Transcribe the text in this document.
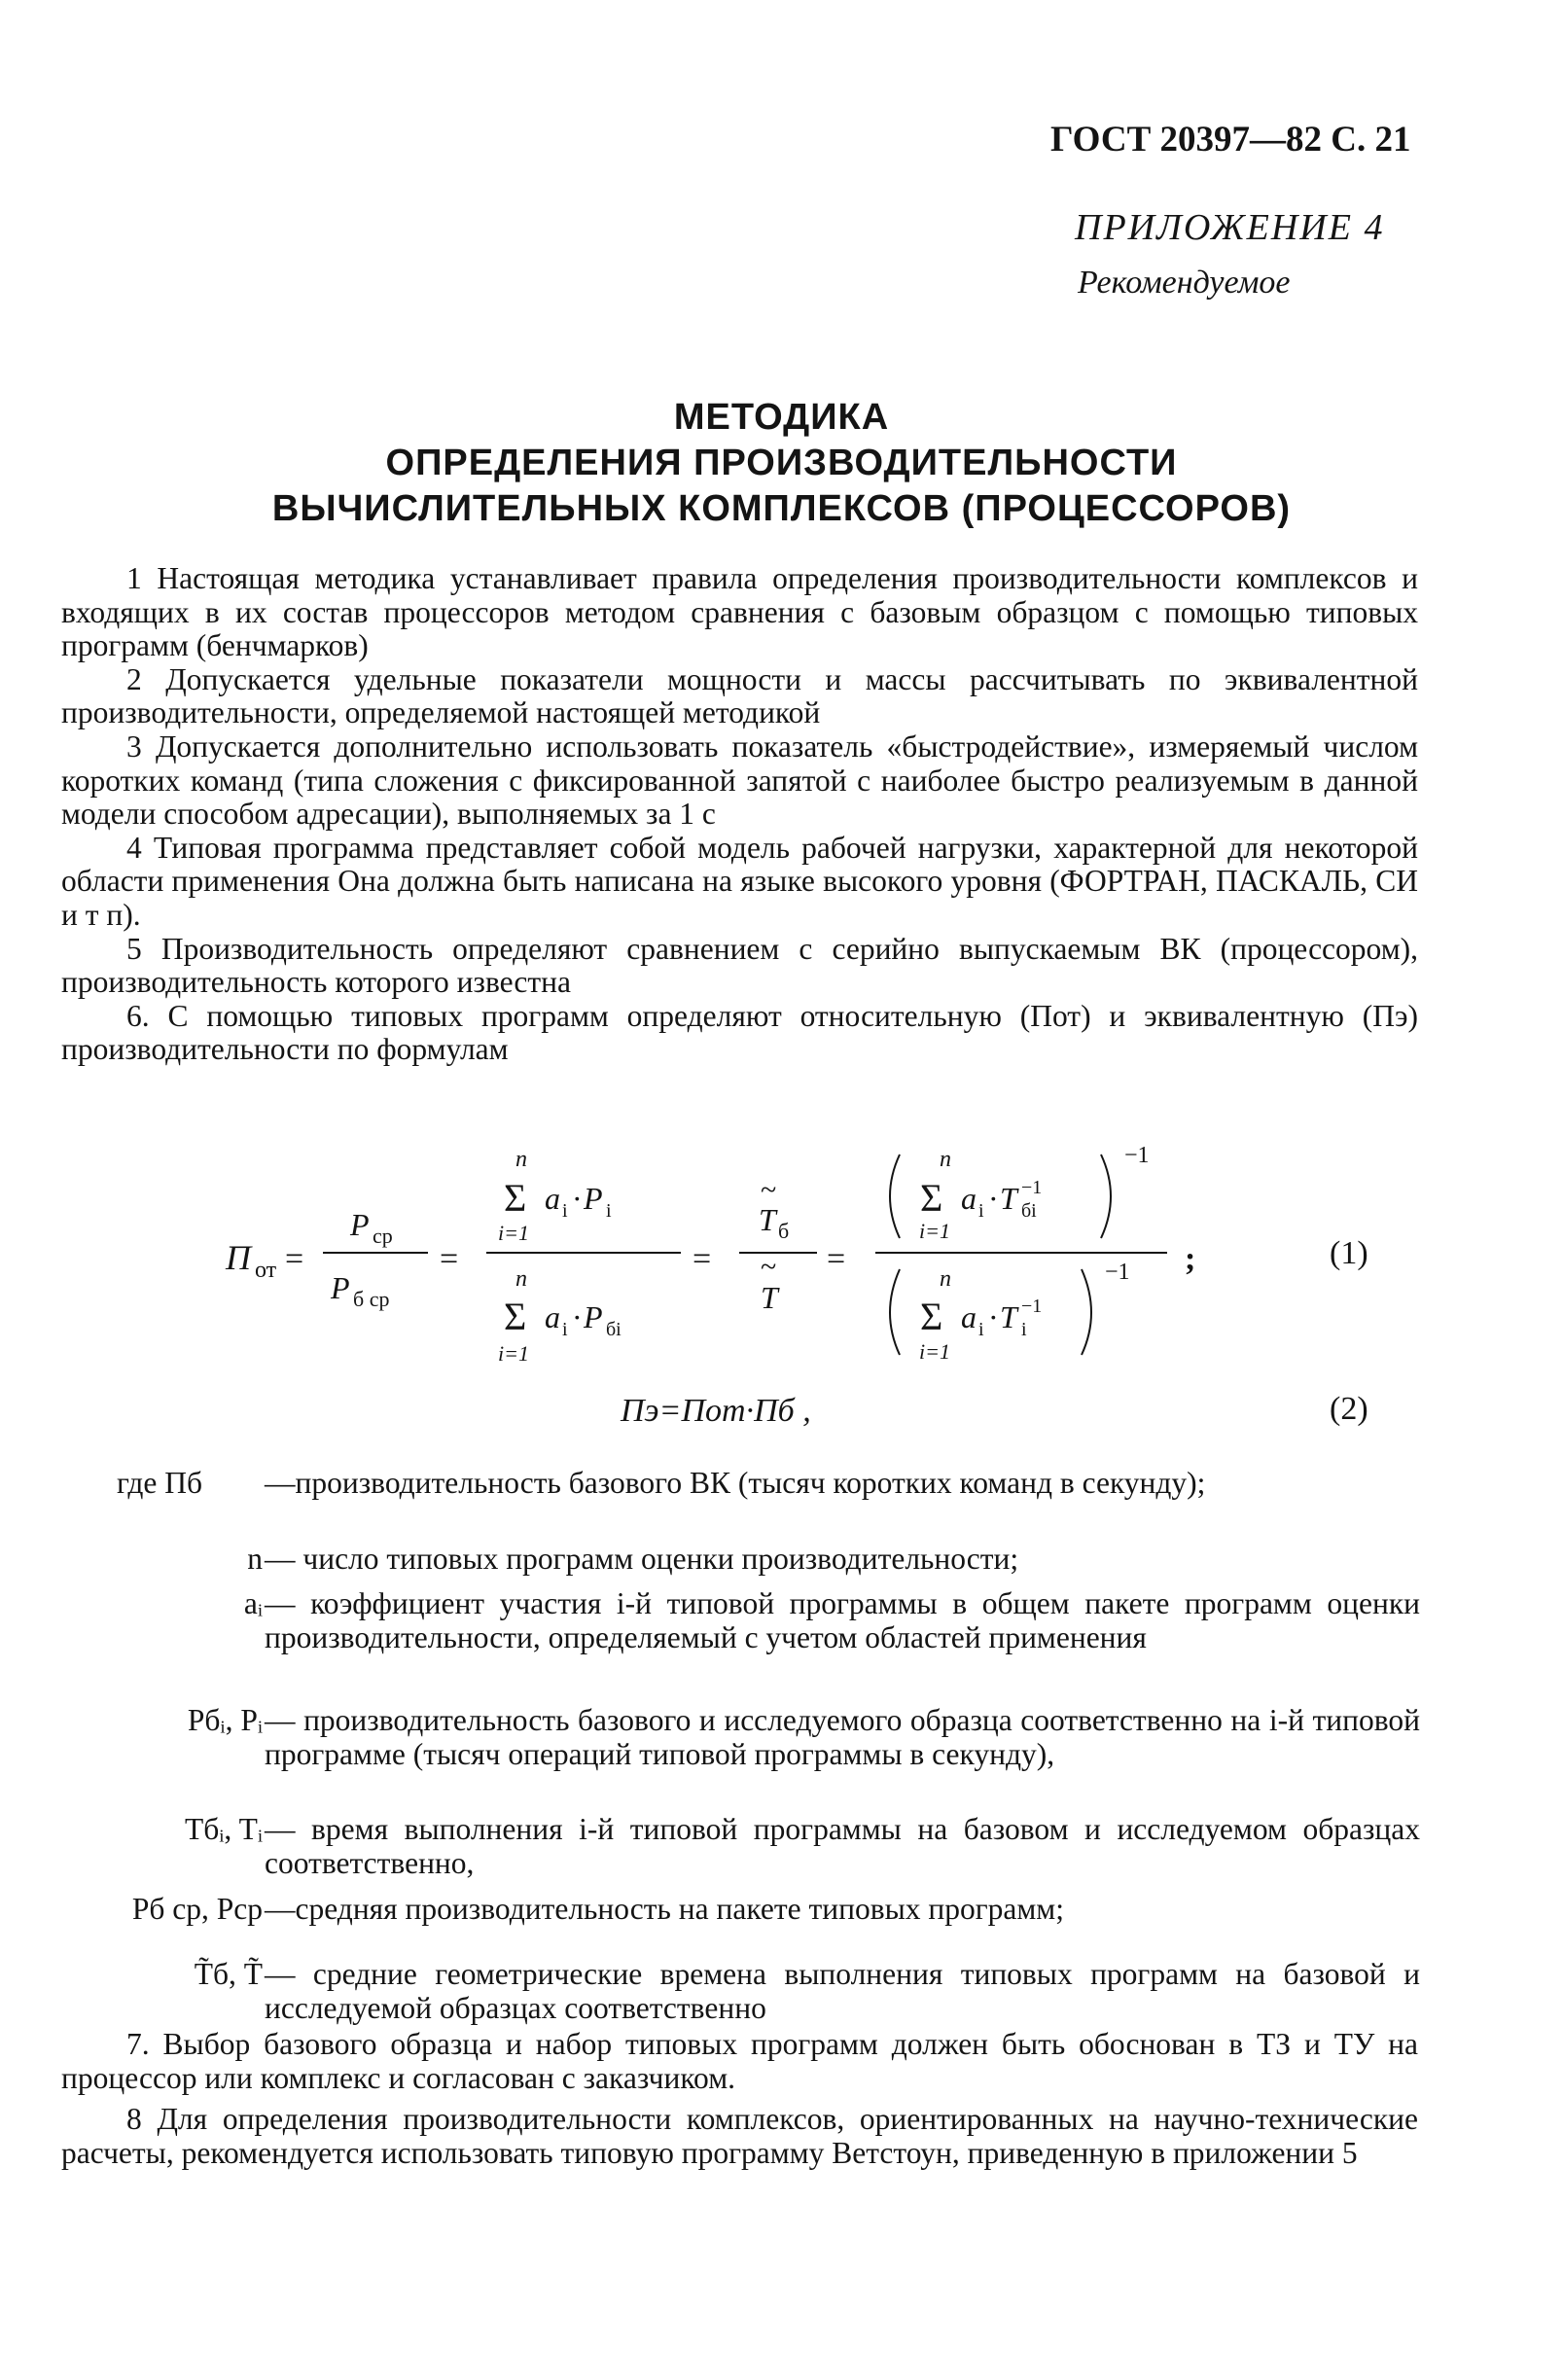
ГОСТ 20397—82 С. 21
ПРИЛОЖЕНИЕ 4
Рекомендуемое
МЕТОДИКА
ОПРЕДЕЛЕНИЯ ПРОИЗВОДИТЕЛЬНОСТИ
ВЫЧИСЛИТЕЛЬНЫХ КОМПЛЕКСОВ (ПРОЦЕССОРОВ)

1 Настоящая методика устанавливает правила определения производительности комплексов и входящих в их состав процессоров методом сравнения с базовым образцом с помощью типовых программ (бенчмарков)

2 Допускается удельные показатели мощности и массы рассчитывать по эквивалентной производительности, определяемой настоящей методикой

3 Допускается дополнительно использовать показатель «быстродействие», измеряемый числом коротких команд (типа сложения с фиксированной запятой с наиболее быстро реализуемым в данной модели способом адресации), выполняемых за 1 с

4 Типовая программа представляет собой модель рабочей нагрузки, характерной для некоторой области применения Она должна быть написана на языке высокого уровня (ФОРТРАН, ПАСКАЛЬ, СИ и т п).

5 Производительность определяют сравнением с серийно выпускаемым ВК (процессором), производительность которого известна

6. С помощью типовых программ определяют относительную (Пот) и эквивалентную (Пэ) производительности по формулам

П от =
P ср
P б ср
=
n
Σ a i · P i
i=1
n
Σ a i · P бi
i=1
=
~
T б
~
T
=
n
Σ a i · T бi
−1
i=1
−1
n
Σ a i · T i
−1
i=1
−1 ;	(1)
Пэ=Пот·Пб ,	(2)
где Пб	—производительность базового ВК (тысяч коротких команд в секунду);
n — число типовых программ оценки производительности;
aᵢ — коэффициент участия i-й типовой программы в общем пакете программ оценки производительности, определяемый с учетом областей применения
Pбᵢ, Pᵢ — производительность базового и исследуемого образца соответственно на i-й типовой программе (тысяч операций типовой программы в секунду),
Tбᵢ, Tᵢ — время выполнения i-й типовой программы на базовом и исследуемом образцах соответственно,
Pб ср, Pср —средняя производительность на пакете типовых программ;
T̃б, T̃ — средние геометрические времена выполнения типовых программ на базовой и исследуемой образцах соответственно

7. Выбор базового образца и набор типовых программ должен быть обоснован в ТЗ и ТУ на процессор или комплекс и согласован с заказчиком.

8 Для определения производительности комплексов, ориентированных на научно-технические расчеты, рекомендуется использовать типовую программу Ветстоун, приведенную в приложении 5
